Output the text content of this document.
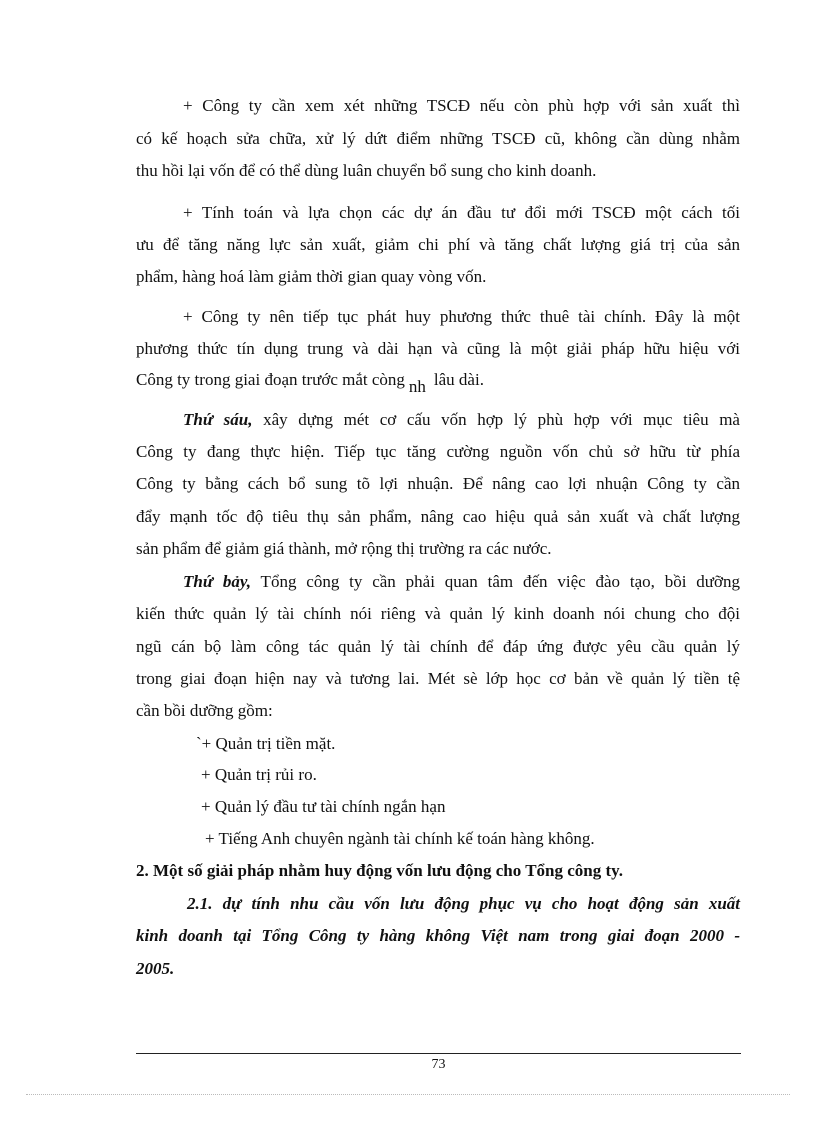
+ Công ty cần xem xét những TSCĐ nếu còn phù hợp với sản xuất thì
có kế hoạch sửa chữa, xử lý dứt điểm những TSCĐ cũ, không cần dùng nhằm
thu hồi lại vốn để có thể dùng luân chuyển bổ sung cho kinh doanh.
+ Tính toán và lựa chọn các dự án đầu tư đổi mới TSCĐ một cách tối
ưu để tăng năng lực sản xuất, giảm chi phí và tăng chất lượng giá trị của sản
phẩm, hàng hoá làm giảm thời gian quay vòng vốn.
+ Công ty nên tiếp tục phát huy phương thức thuê tài chính. Đây là một
phương thức tín dụng trung và dài hạn và cũng là một giải pháp hữu hiệu với
Công ty trong giai đoạn trước mắt còng nh lâu dài.
Thứ sáu, xây dựng mét cơ cấu vốn hợp lý phù hợp với mục tiêu mà
Công ty đang thực hiện. Tiếp tục tăng cường nguồn vốn chủ sở hữu từ phía
Công ty bằng cách bổ sung tõ lợi nhuận. Để nâng cao lợi nhuận Công ty cần
đẩy mạnh tốc độ tiêu thụ sản phẩm, nâng cao hiệu quả sản xuất và chất lượng
sản phẩm để giảm giá thành, mở rộng thị trường ra các nước.
Thứ bảy, Tổng công ty cần phải quan tâm đến việc đào tạo, bồi dưỡng
kiến thức quản lý tài chính nói riêng và quản lý kinh doanh nói chung cho đội
ngũ cán bộ làm công tác quản lý tài chính để đáp ứng được yêu cầu quản lý
trong giai đoạn hiện nay và tương lai. Mét sè lớp học cơ bản về quản lý tiền tệ
cần bồi dưỡng gồm:
`+ Quản trị tiền mặt.
+ Quản trị rủi ro.
+ Quản lý đầu tư tài chính ngắn hạn
+ Tiếng Anh chuyên ngành tài chính kế toán hàng không.
2. Một số giải pháp nhằm huy động vốn lưu động cho Tổng công ty.
2.1. dự tính nhu cầu vốn lưu động phục vụ cho hoạt động sản xuất
kinh doanh tại Tổng Công ty hàng không Việt nam trong giai đoạn 2000 -
2005.
73
